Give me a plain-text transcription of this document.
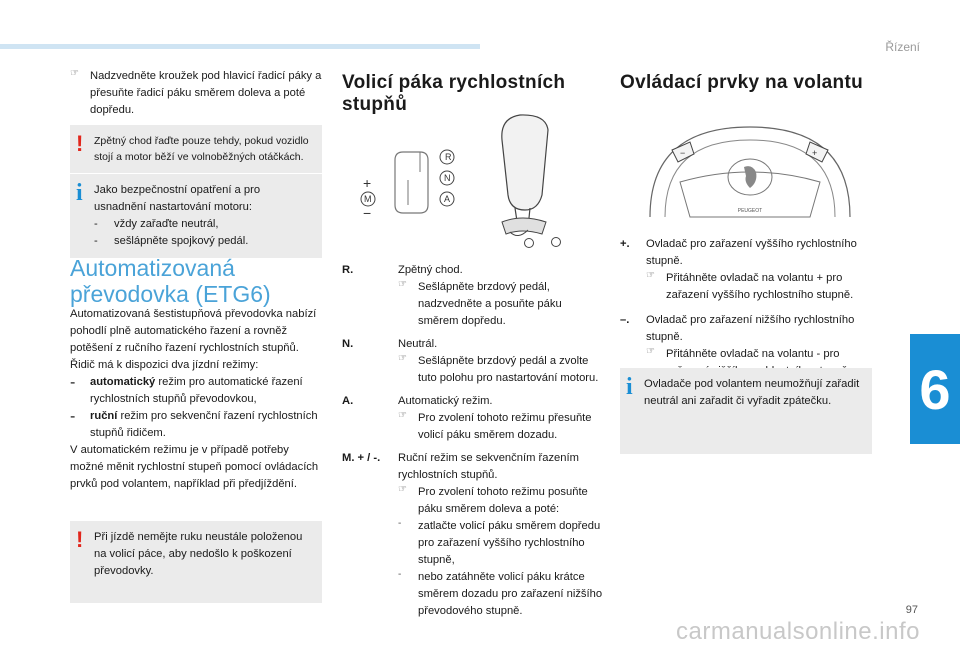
Řízení
6
97
carmanualsonline.info
☞ Nadzvedněte kroužek pod hlavicí řadicí páky a přesuňte řadicí páku směrem doleva a poté dopředu.

! Zpětný chod řaďte pouze tehdy, pokud vozidlo stojí a motor běží ve volnoběžných otáčkách.
i Jako bezpečnostní opatření a pro usnadnění nastartování motoru:
-	vždy zařaďte neutrál,
-	sešlápněte spojkový pedál.
Automatizovaná
převodovka (ETG6)

Automatizovaná šestistupňová převodovka nabízí pohodlí plně automatického řazení a rovněž potěšení z ručního řazení rychlostních stupňů.

Řidič má k dispozici dva jízdní režimy:

-	automatický režim pro automatické řazení rychlostních stupňů převodovkou,

-	ruční režim pro sekvenční řazení rychlostních stupňů řidičem.

V automatickém režimu je v případě potřeby možné měnit rychlostní stupeň pomocí ovládacích prvků pod volantem, například při předjíždění.

! Při jízdě nemějte ruku neustále položenou na volicí páce, aby nedošlo k poškození převodovky.
Volicí páka rychlostních
stupňů
R
N
A
M
+
−
R.	Zpětný chod.

☞ Sešlápněte brzdový pedál, nadzvedněte a posuňte páku směrem dopředu.

N.	Neutrál.

☞ Sešlápněte brzdový pedál a zvolte tuto polohu pro nastartování motoru.

A.	Automatický režim.

☞ Pro zvolení tohoto režimu přesuňte volicí páku směrem dozadu.

M. + / -.	Ruční režim se sekvenčním řazením rychlostních stupňů.

☞ Pro zvolení tohoto režimu posuňte páku směrem doleva a poté:

-	zatlačte volicí páku směrem dopředu pro zařazení vyššího rychlostního stupně,

-	nebo zatáhněte volicí páku krátce směrem dozadu pro zařazení nižšího převodového stupně.

Ovládací prvky na volantu
PEUGEOT
−	+
+.	Ovladač pro zařazení vyššího rychlostního stupně.

☞ Přitáhněte ovladač na volantu + pro zařazení vyššího rychlostního stupně.

–.	Ovladač pro zařazení nižšího rychlostního stupně.

☞ Přitáhněte ovladač na volantu - pro

i Ovladače pod volantem neumožňují zařadit neutrál ani zařadit či vyřadit zpátečku.
